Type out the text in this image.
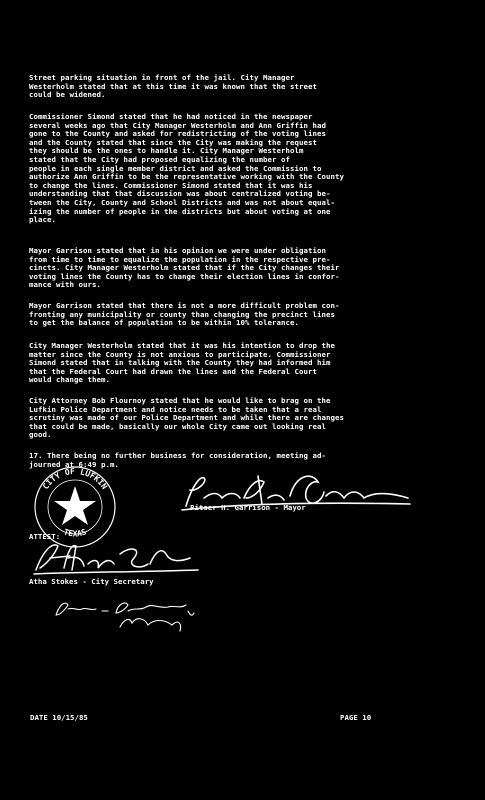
Street parking situation in front of the jail. City Manager
Westerholm stated that at this time it was known that the street
could be widened.
Commissioner Simond stated that he had noticed in the newspaper
several weeks ago that City Manager Westerholm and Ann Griffin had
gone to the County and asked for redistricting of the voting lines
and the County stated that since the City was making the request
they should be the ones to handle it. City Manager Westerholm
stated that the City had proposed equalizing the number of
people in each single member district and asked the Commission to
authorize Ann Griffin to be the representative working with the County
to change the lines. Commissioner Simond stated that it was his
understanding that that discussion was about centralized voting be-
tween the City, County and School Districts and was not about equal-
izing the number of people in the districts but about voting at one
place.
Mayor Garrison stated that in his opinion we were under obligation
from time to time to equalize the population in the respective pre-
cincts. City Manager Westerholm stated that if the City changes their
voting lines the County has to change their election lines in confor-
mance with ours.
Mayor Garrison stated that there is not a more difficult problem con-
fronting any municipality or county than changing the precinct lines
to get the balance of population to be within 10% tolerance.
City Manager Westerholm stated that it was his intention to drop the
matter since the County is not anxious to participate. Commissioner
Simond stated that in talking with the County they had informed him
that the Federal Court had drawn the lines and the Federal Court
would change them.
City Attorney Bob Flournoy stated that he would like to brag on the
Lufkin Police Department and notice needs to be taken that a real
scrutiny was made of our Police Department and while there are changes
that could be made, basically our whole City came out looking real
good.
17. There being no further business for consideration, meeting ad-
journed at 6:49 p.m.
CITY OF LUFKIN
TEXAS
Pitser H. Garrison - Mayor
ATTEST:
Atha Stokes - City Secretary
DATE 10/15/85	PAGE 10
